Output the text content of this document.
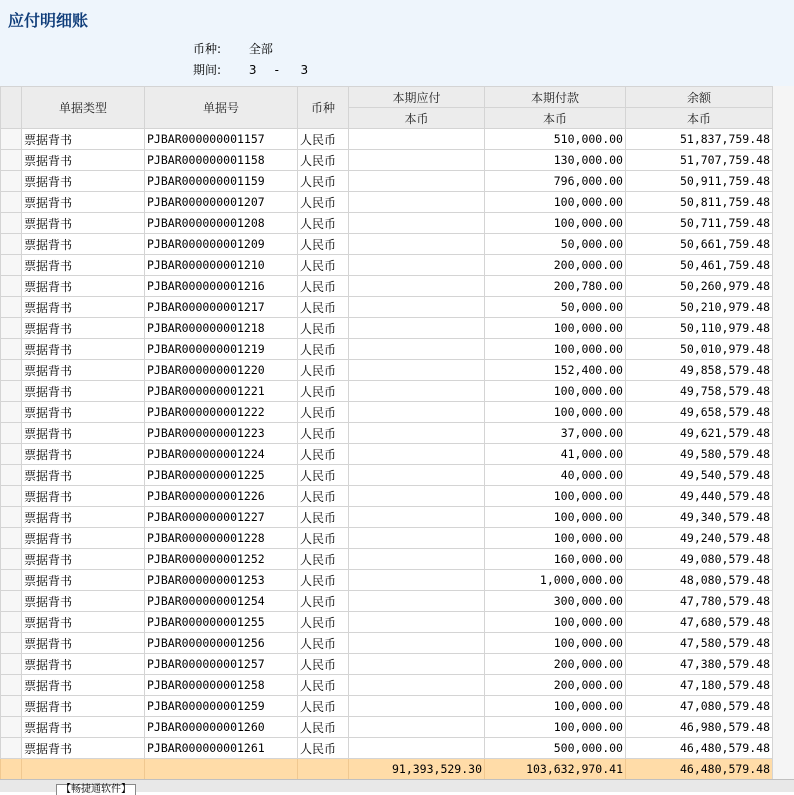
应付明细账
币种: 全部
期间: 3 - 3
	单据类型	单据号	币种	本期应付	本期付款	余额
				本币	本币	本币
	票据背书	PJBAR000000001157	人民币		510,000.00	51,837,759.48
	票据背书	PJBAR000000001158	人民币		130,000.00	51,707,759.48
	票据背书	PJBAR000000001159	人民币		796,000.00	50,911,759.48
	票据背书	PJBAR000000001207	人民币		100,000.00	50,811,759.48
	票据背书	PJBAR000000001208	人民币		100,000.00	50,711,759.48
	票据背书	PJBAR000000001209	人民币		50,000.00	50,661,759.48
	票据背书	PJBAR000000001210	人民币		200,000.00	50,461,759.48
	票据背书	PJBAR000000001216	人民币		200,780.00	50,260,979.48
	票据背书	PJBAR000000001217	人民币		50,000.00	50,210,979.48
	票据背书	PJBAR000000001218	人民币		100,000.00	50,110,979.48
	票据背书	PJBAR000000001219	人民币		100,000.00	50,010,979.48
	票据背书	PJBAR000000001220	人民币		152,400.00	49,858,579.48
	票据背书	PJBAR000000001221	人民币		100,000.00	49,758,579.48
	票据背书	PJBAR000000001222	人民币		100,000.00	49,658,579.48
	票据背书	PJBAR000000001223	人民币		37,000.00	49,621,579.48
	票据背书	PJBAR000000001224	人民币		41,000.00	49,580,579.48
	票据背书	PJBAR000000001225	人民币		40,000.00	49,540,579.48
	票据背书	PJBAR000000001226	人民币		100,000.00	49,440,579.48
	票据背书	PJBAR000000001227	人民币		100,000.00	49,340,579.48
	票据背书	PJBAR000000001228	人民币		100,000.00	49,240,579.48
	票据背书	PJBAR000000001252	人民币		160,000.00	49,080,579.48
	票据背书	PJBAR000000001253	人民币		1,000,000.00	48,080,579.48
	票据背书	PJBAR000000001254	人民币		300,000.00	47,780,579.48
	票据背书	PJBAR000000001255	人民币		100,000.00	47,680,579.48
	票据背书	PJBAR000000001256	人民币		100,000.00	47,580,579.48
	票据背书	PJBAR000000001257	人民币		200,000.00	47,380,579.48
	票据背书	PJBAR000000001258	人民币		200,000.00	47,180,579.48
	票据背书	PJBAR000000001259	人民币		100,000.00	47,080,579.48
	票据背书	PJBAR000000001260	人民币		100,000.00	46,980,579.48
	票据背书	PJBAR000000001261	人民币		500,000.00	46,480,579.48
				91,393,529.30	103,632,970.41	46,480,579.48
【畅捷通软件】
